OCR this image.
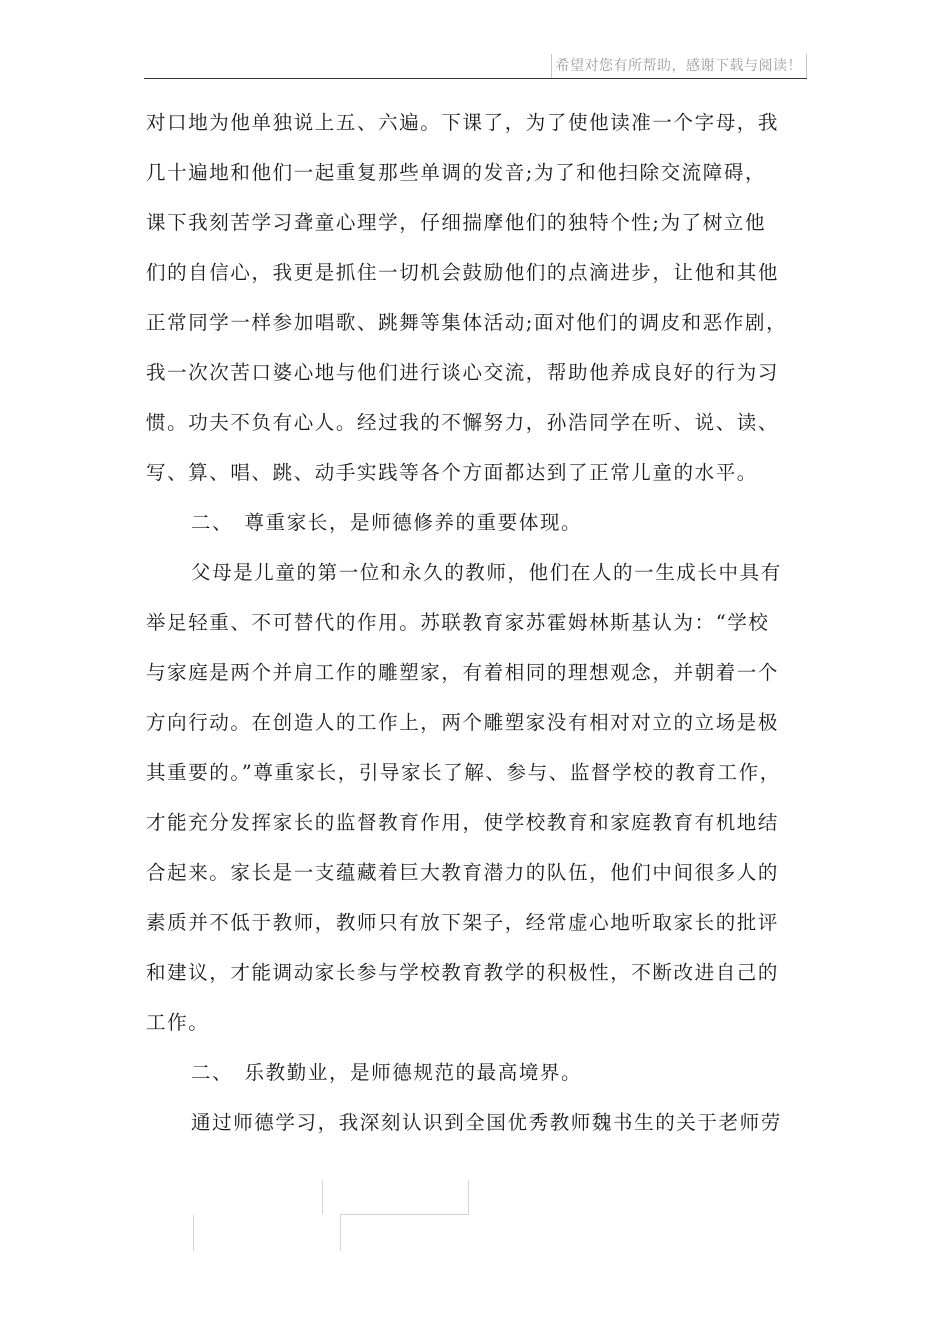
希望对您有所帮助，感谢下载与阅读！
对口地为他单独说上五、六遍。下课了，为了使他读准一个字母，我
几十遍地和他们一起重复那些单调的发音;为了和他扫除交流障碍，
课下我刻苦学习聋童心理学，仔细揣摩他们的独特个性;为了树立他
们的自信心，我更是抓住一切机会鼓励他们的点滴进步，让他和其他
正常同学一样参加唱歌、跳舞等集体活动;面对他们的调皮和恶作剧，
我一次次苦口婆心地与他们进行谈心交流，帮助他养成良好的行为习
惯。功夫不负有心人。经过我的不懈努力，孙浩同学在听、说、读、
写、算、唱、跳、动手实践等各个方面都达到了正常儿童的水平。
二、　尊重家长，是师德修养的重要体现。
父母是儿童的第一位和永久的教师，他们在人的一生成长中具有
举足轻重、不可替代的作用。苏联教育家苏霍姆林斯基认为：“学校
与家庭是两个并肩工作的雕塑家，有着相同的理想观念，并朝着一个
方向行动。在创造人的工作上，两个雕塑家没有相对对立的立场是极
其重要的。”尊重家长，引导家长了解、参与、监督学校的教育工作，
才能充分发挥家长的监督教育作用，使学校教育和家庭教育有机地结
合起来。家长是一支蕴藏着巨大教育潜力的队伍，他们中间很多人的
素质并不低于教师，教师只有放下架子，经常虚心地听取家长的批评
和建议，才能调动家长参与学校教育教学的积极性，不断改进自己的
工作。
二、　乐教勤业，是师德规范的最高境界。
通过师德学习，我深刻认识到全国优秀教师魏书生的关于老师劳
